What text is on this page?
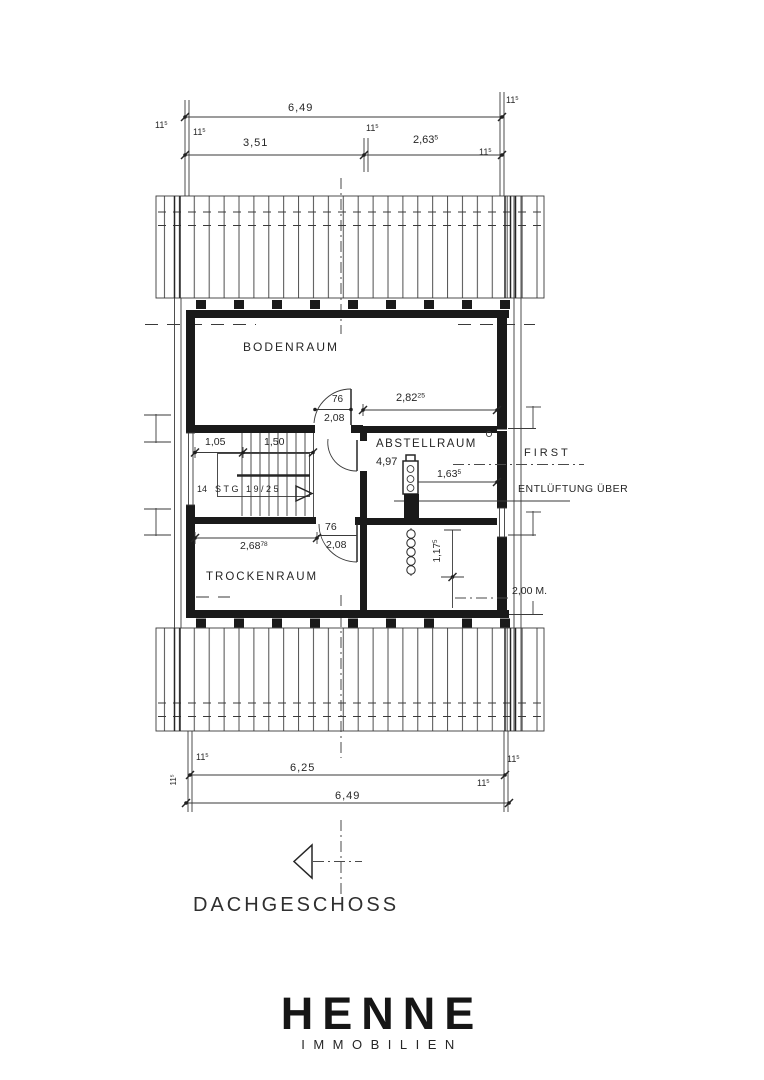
6,49
3,51	2,63$^5$
$11^5$
$11^5$	$11^5$
$11^5$
$11^5$
BODENRAUM
ABSTELLRAUM
4,97
TROCKENRAUM
76
2,08
76
2,08
2,82$^{25}$
1,05	1,50
14 STG 19/25
1,63$^5$
2,68$^{78}$	1,17$^5$
FIRST
ENTLÜFTUNG ÜBER
2,00 M.
6,25
6,49
$11^5$	$11^5$
$11^5$
$11^5$
DACHGESCHOSS
HENNE
IMMOBILIEN
